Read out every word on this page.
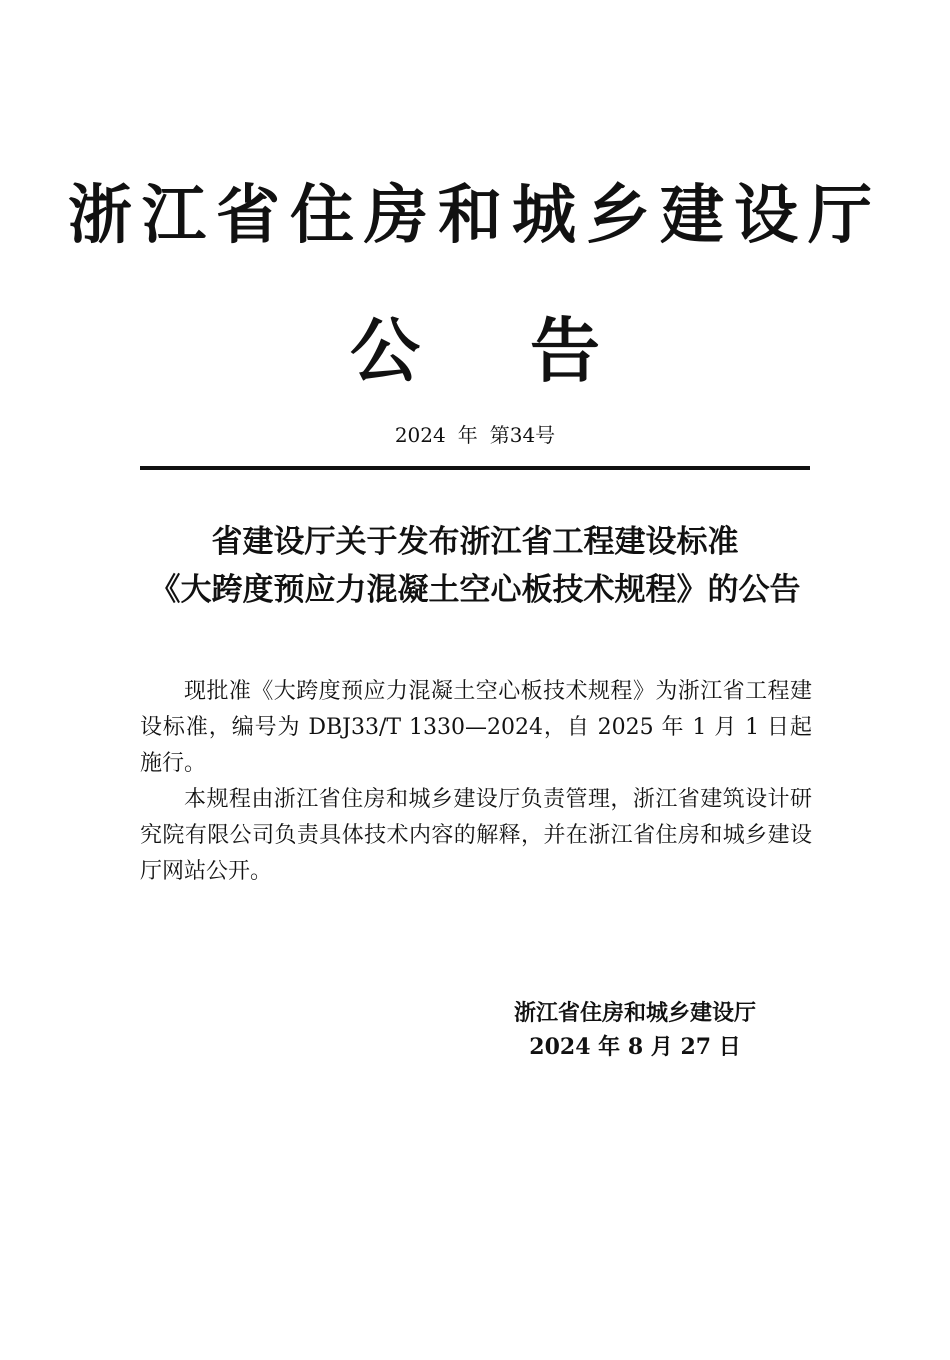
浙江省住房和城乡建设厅
公 告
2024 年 第34号
省建设厅关于发布浙江省工程建设标准
《大跨度预应力混凝土空心板技术规程》的公告

现批准《大跨度预应力混凝土空心板技术规程》为浙江省工程建设标准，编号为 DBJ33/T 1330—2024，自 2025 年 1 月 1 日起施行。

本规程由浙江省住房和城乡建设厅负责管理，浙江省建筑设计研究院有限公司负责具体技术内容的解释，并在浙江省住房和城乡建设厅网站公开。

浙江省住房和城乡建设厅
2024 年 8 月 27 日
